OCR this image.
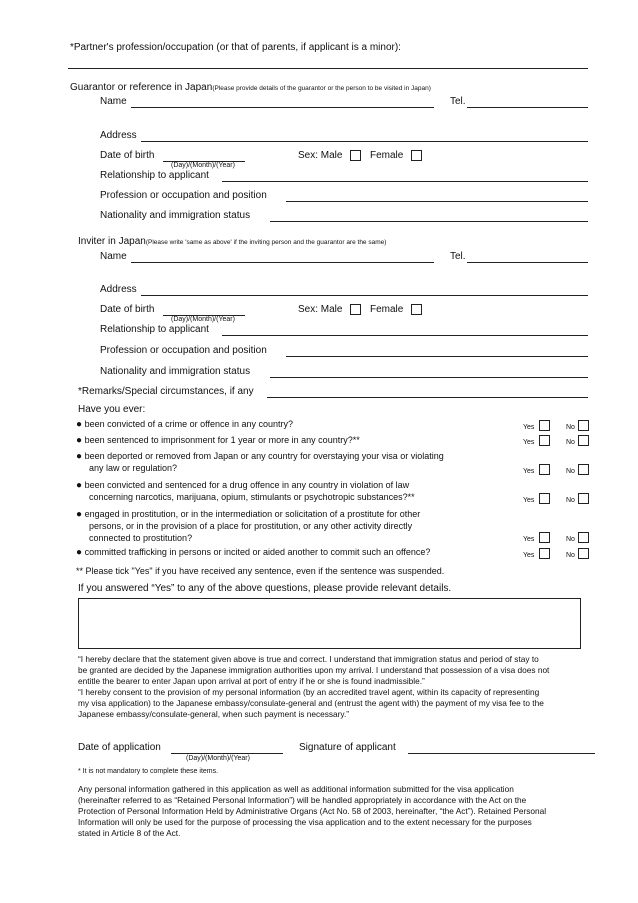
*Partner's profession/occupation (or that of parents, if applicant is a minor):
Guarantor or reference in Japan(Please provide details of the guarantor or the person to be visited in Japan)
Name	Tel.
Address
Date of birth
(Day)/(Month)/(Year)
Sex: Male	Female
Relationship to applicant
Profession or occupation and position
Nationality and immigration status
Inviter in Japan(Please write 'same as above' if the inviting person and the guarantor are the same)
Name	Tel.
Address
Date of birth
(Day)/(Month)/(Year)
Sex: Male	Female
Relationship to applicant
Profession or occupation and position
Nationality and immigration status
*Remarks/Special circumstances, if any
Have you ever:
● been convicted of a crime or offence in any country?	Yes	No
● been sentenced to imprisonment for 1 year or more in any country?**	Yes	No
● been deported or removed from Japan or any country for overstaying your visa or violating
any law or regulation?	Yes	No
● been convicted and sentenced for a drug offence in any country in violation of law
concerning narcotics, marijuana, opium, stimulants or psychotropic substances?**	Yes	No
● engaged in prostitution, or in the intermediation or solicitation of a prostitute for other
persons, or in the provision of a place for prostitution, or any other activity directly
connected to prostitution?	Yes	No
● committed trafficking in persons or incited or aided another to commit such an offence?	Yes	No
** Please tick "Yes" if you have received any sentence, even if the sentence was suspended.
If you answered “Yes” to any of the above questions, please provide relevant details.
“I hereby declare that the statement given above is true and correct. I understand that immigration status and period of stay to
be granted are decided by the Japanese immigration authorities upon my arrival. I understand that possession of a visa does not
entitle the bearer to enter Japan upon arrival at port of entry if he or she is found inadmissible.”
“I hereby consent to the provision of my personal information (by an accredited travel agent, within its capacity of representing
my visa application) to the Japanese embassy/consulate-general and (entrust the agent with) the payment of my visa fee to the
Japanese embassy/consulate-general, when such payment is necessary.”
Date of application
(Day)/(Month)/(Year)
Signature of applicant
* It is not mandatory to complete these items.
Any personal information gathered in this application as well as additional information submitted for the visa application
(hereinafter referred to as “Retained Personal Information”) will be handled appropriately in accordance with the Act on the
Protection of Personal Information Held by Administrative Organs (Act No. 58 of 2003, hereinafter, “the Act”). Retained Personal
Information will only be used for the purpose of processing the visa application and to the extent necessary for the purposes
stated in Article 8 of the Act.
